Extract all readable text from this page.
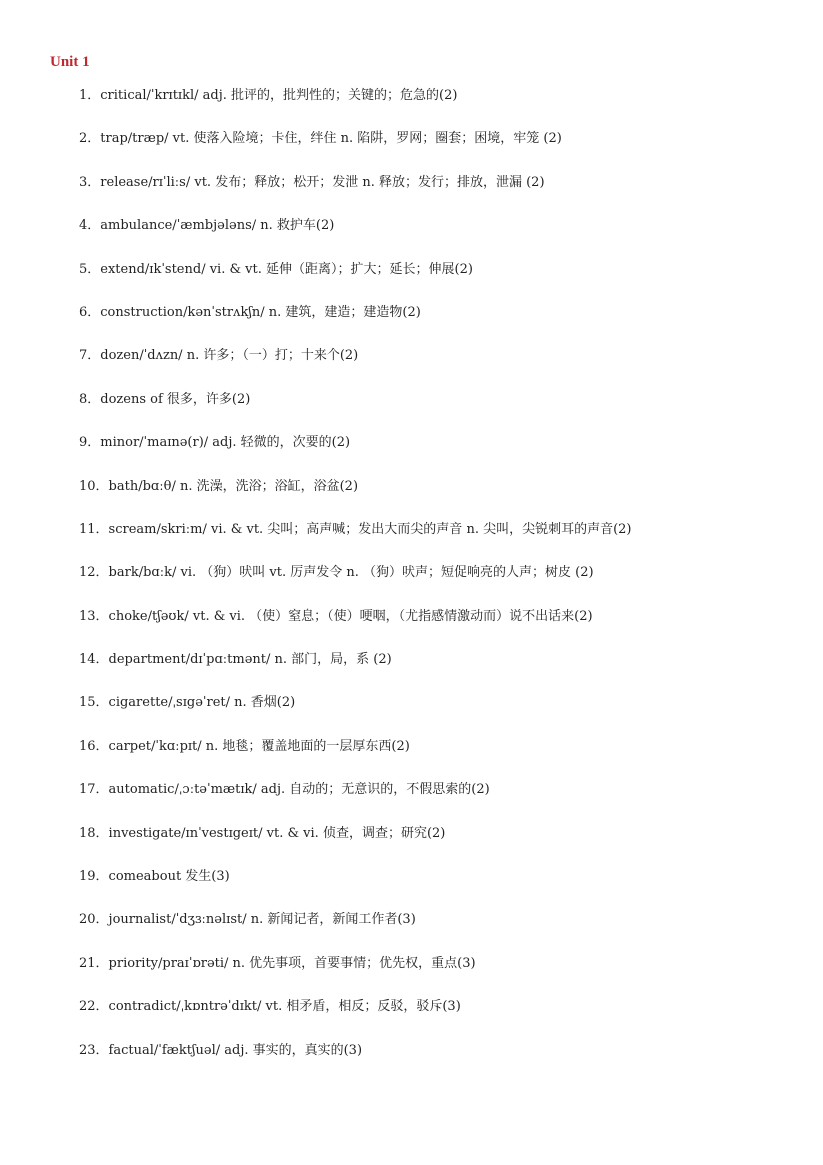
Unit 1
1．critical/ˈkrɪtɪkl/ adj. 批评的，批判性的；关键的；危急的(2)
2．trap/træp/ vt. 使落入险境；卡住，绊住 n. 陷阱，罗网；圈套；困境，牢笼 (2)
3．release/rɪˈliːs/ vt. 发布；释放；松开；发泄 n. 释放；发行；排放，泄漏 (2)
4．ambulance/ˈæmbjələns/ n. 救护车(2)
5．extend/ɪkˈstend/ vi. & vt. 延伸（距离）；扩大；延长；伸展(2)
6．construction/kənˈstrʌkʃn/ n. 建筑，建造；建造物(2)
7．dozen/ˈdʌzn/ n. 许多；（一）打；十来个(2)
8．dozens of 很多，许多(2)
9．minor/ˈmaɪnə(r)/ adj. 轻微的，次要的(2)
10．bath/bɑːθ/ n. 洗澡，洗浴；浴缸，浴盆(2)
11．scream/skriːm/ vi. & vt. 尖叫；高声喊；发出大而尖的声音 n. 尖叫，尖锐刺耳的声音(2)
12．bark/bɑːk/ vi. （狗）吠叫 vt. 厉声发令 n. （狗）吠声；短促响亮的人声；树皮 (2)
13．choke/tʃəʊk/ vt. & vi. （使）窒息；（使）哽咽，（尤指感情激动而）说不出话来(2)
14．department/dɪˈpɑːtmənt/ n. 部门，局，系 (2)
15．cigarette/ˌsɪgəˈret/ n. 香烟(2)
16．carpet/ˈkɑːpɪt/ n. 地毯；覆盖地面的一层厚东西(2)
17．automatic/ˌɔːtəˈmætɪk/ adj. 自动的；无意识的，不假思索的(2)
18．investigate/ɪnˈvestɪgeɪt/ vt. & vi. 侦查，调查；研究(2)
19．comeabout 发生(3)
20．journalist/ˈdʒɜːnəlɪst/ n. 新闻记者，新闻工作者(3)
21．priority/praɪˈɒrəti/ n. 优先事项，首要事情；优先权，重点(3)
22．contradict/ˌkɒntrəˈdɪkt/ vt. 相矛盾，相反；反驳，驳斥(3)
23．factual/ˈfæktʃuəl/ adj. 事实的，真实的(3)
